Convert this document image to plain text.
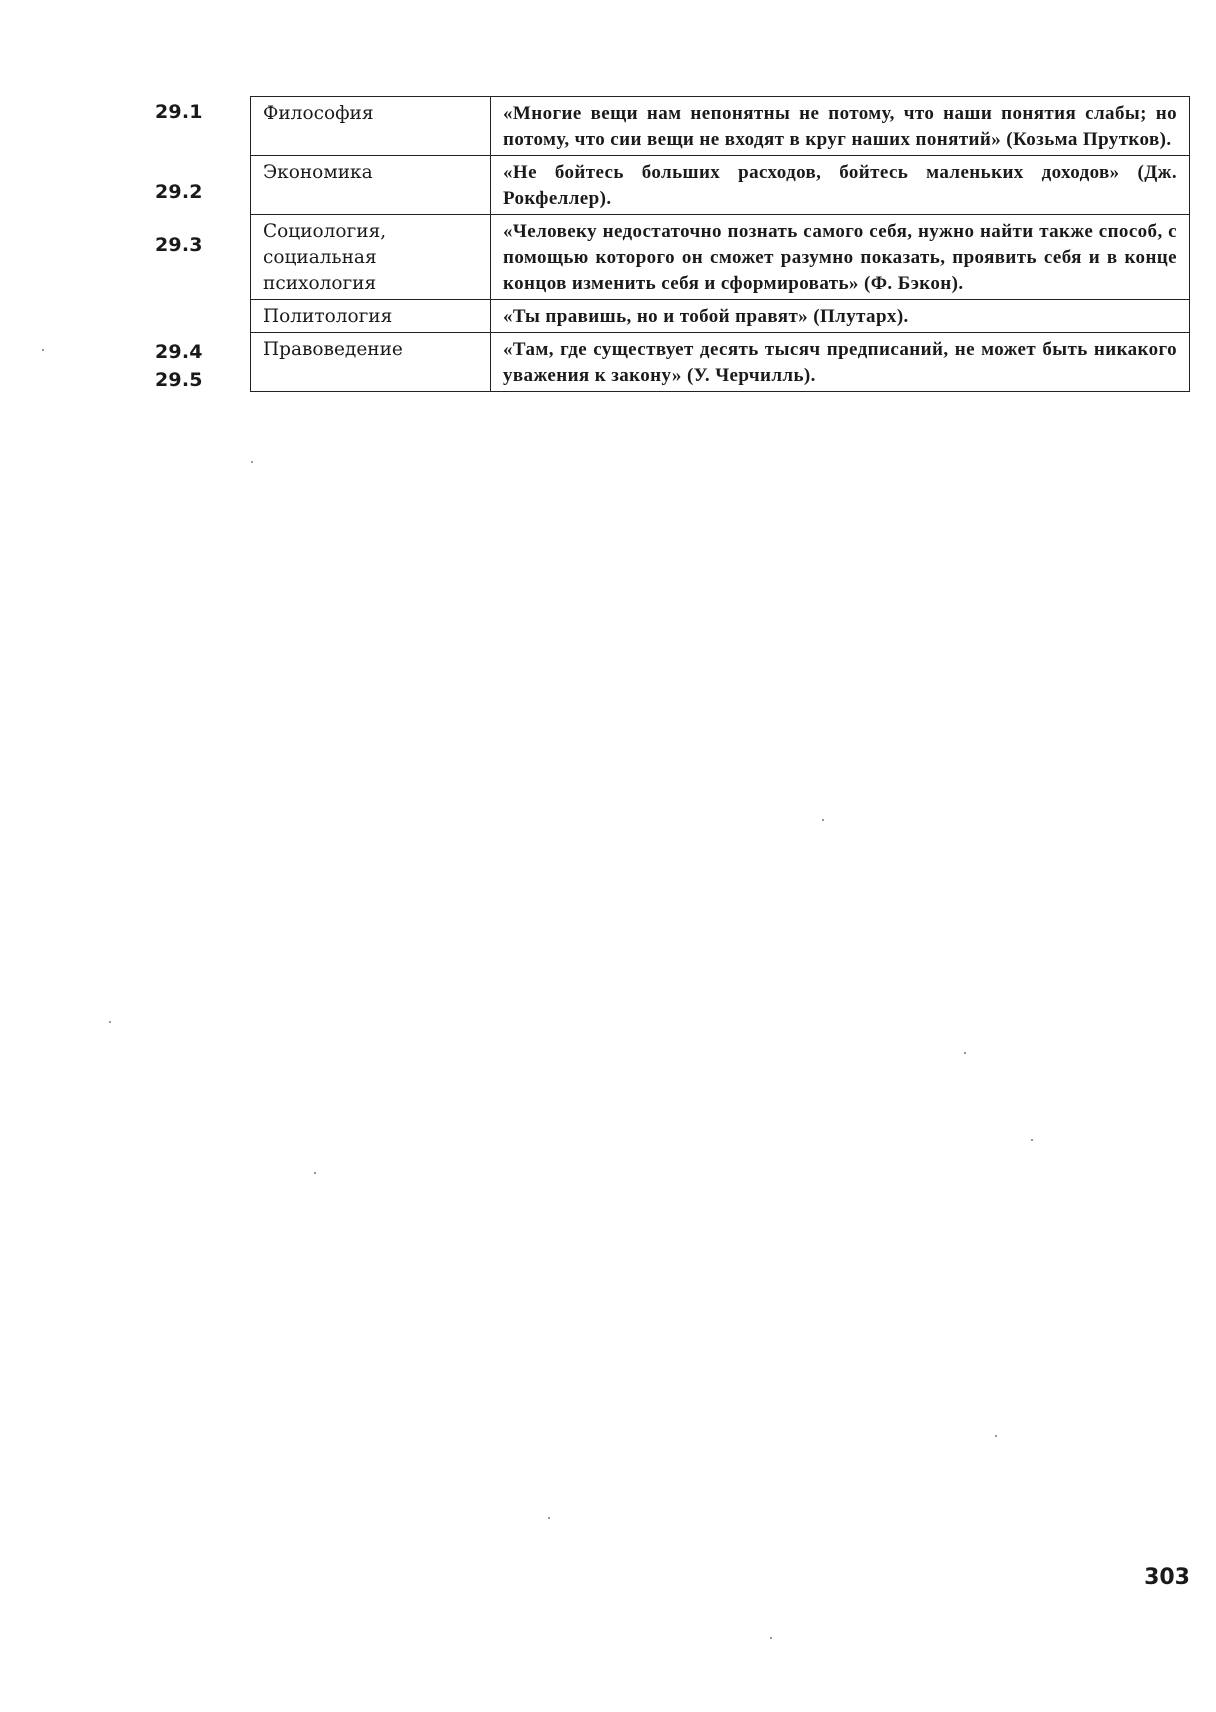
29.1
29.2
29.3
29.4
29.5
Философия	«Многие вещи нам непонятны не потому, что наши понятия слабы; но потому, что сии вещи не входят в круг наших понятий» (Козьма Прутков).
Экономика	«Не бойтесь больших расходов, бойтесь маленьких доходов» (Дж. Рокфеллер).
Социология, социальная психология	«Человеку недостаточно познать самого себя, нужно найти также способ, с помощью которого он сможет разумно показать, проявить себя и в конце концов изменить себя и сформировать» (Ф. Бэкон).
Политология	«Ты правишь, но и тобой правят» (Плутарх).
Правоведение	«Там, где существует десять тысяч предписаний, не может быть никакого уважения к закону» (У. Черчилль).
303
